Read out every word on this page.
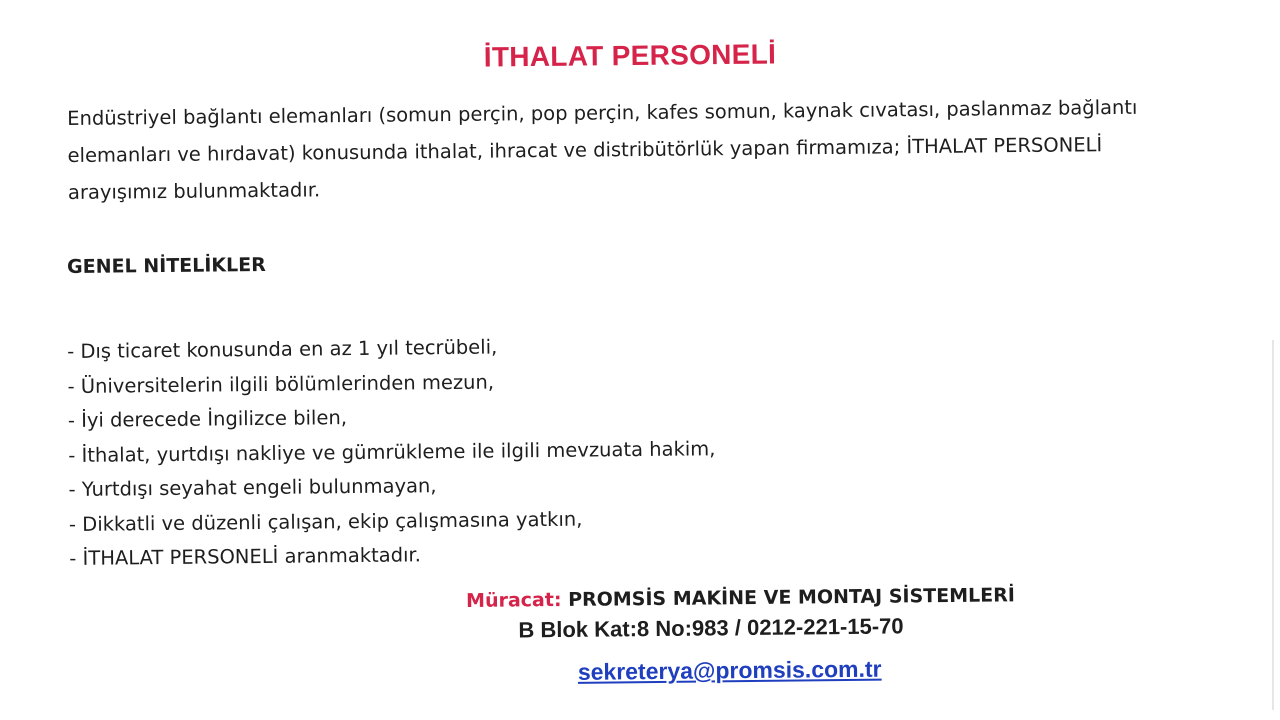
İTHALAT PERSONELİ

Endüstriyel bağlantı elemanları (somun perçin, pop perçin, kafes somun, kaynak cıvatası, paslanmaz bağlantı elemanları ve hırdavat) konusunda ithalat, ihracat ve distribütörlük yapan firmamıza; İTHALAT PERSONELİ arayışımız bulunmaktadır.

GENEL NİTELİKLER
- Dış ticaret konusunda en az 1 yıl tecrübeli,
- Üniversitelerin ilgili bölümlerinden mezun,
- İyi derecede İngilizce bilen,
- İthalat, yurtdışı nakliye ve gümrükleme ile ilgili mevzuata hakim,
- Yurtdışı seyahat engeli bulunmayan,
- Dikkatli ve düzenli çalışan, ekip çalışmasına yatkın,
- İTHALAT PERSONELİ aranmaktadır.
Müracat: PROMSİS MAKİNE VE MONTAJ SİSTEMLERİ
B Blok Kat:8 No:983 / 0212-221-15-70
sekreterya@promsis.com.tr
